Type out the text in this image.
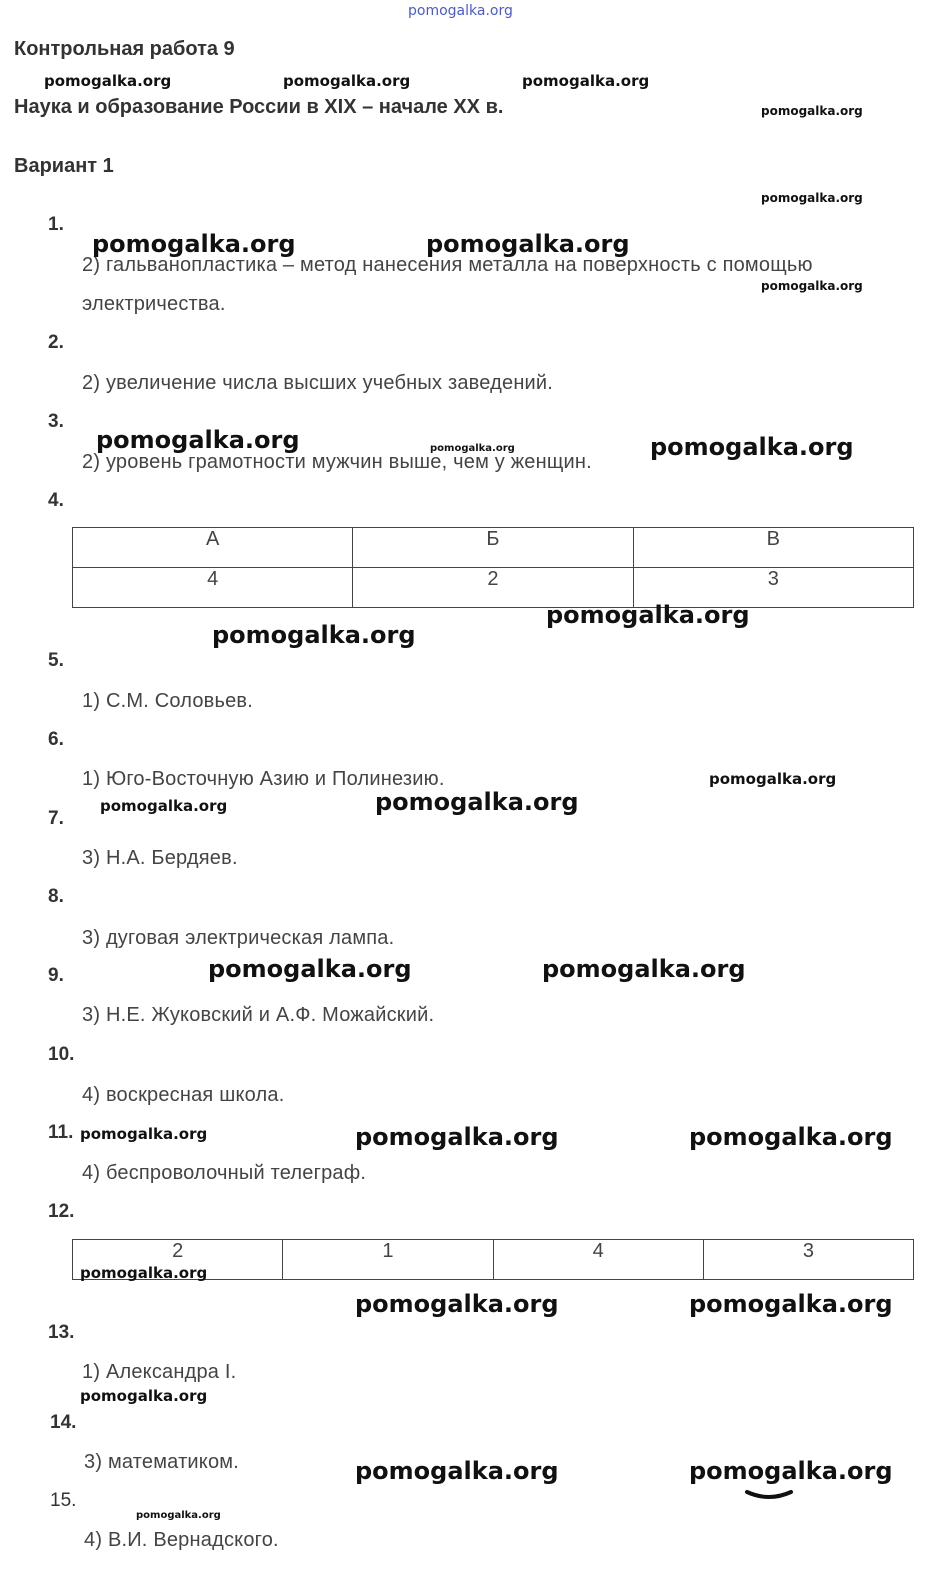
pomogalka.org
Контрольная работа 9
Наука и образование России в XIX – начале XX в.
Вариант 1
1.
2) гальванопластика – метод нанесения металла на поверхность с помощью
электричества.
2.
2) увеличение числа высших учебных заведений.
3.
2) уровень грамотности мужчин выше, чем у женщин.
4.
А	Б	В
4	2	3
5.
1) С.М. Соловьев.
6.
1) Юго-Восточную Азию и Полинезию.
7.
3) Н.А. Бердяев.
8.
3) дуговая электрическая лампа.
9.
3) Н.Е. Жуковский и А.Ф. Можайский.
10.
4) воскресная школа.
11.
4) беспроволочный телеграф.
12.
2	1	4	3
13.
1) Александра I.
14.
3) математиком.
15.
4) В.И. Вернадского.
pomogalka.org	pomogalka.org	pomogalka.org
pomogalka.org
pomogalka.org
pomogalka.org	pomogalka.org
pomogalka.org
pomogalka.org	pomogalka.org	pomogalka.org
pomogalka.org
pomogalka.org
pomogalka.org
pomogalka.org	pomogalka.org
pomogalka.org	pomogalka.org
pomogalka.org	pomogalka.org	pomogalka.org
pomogalka.org
pomogalka.org	pomogalka.org
pomogalka.org
pomogalka.org	pomogalka.org
pomogalka.org
